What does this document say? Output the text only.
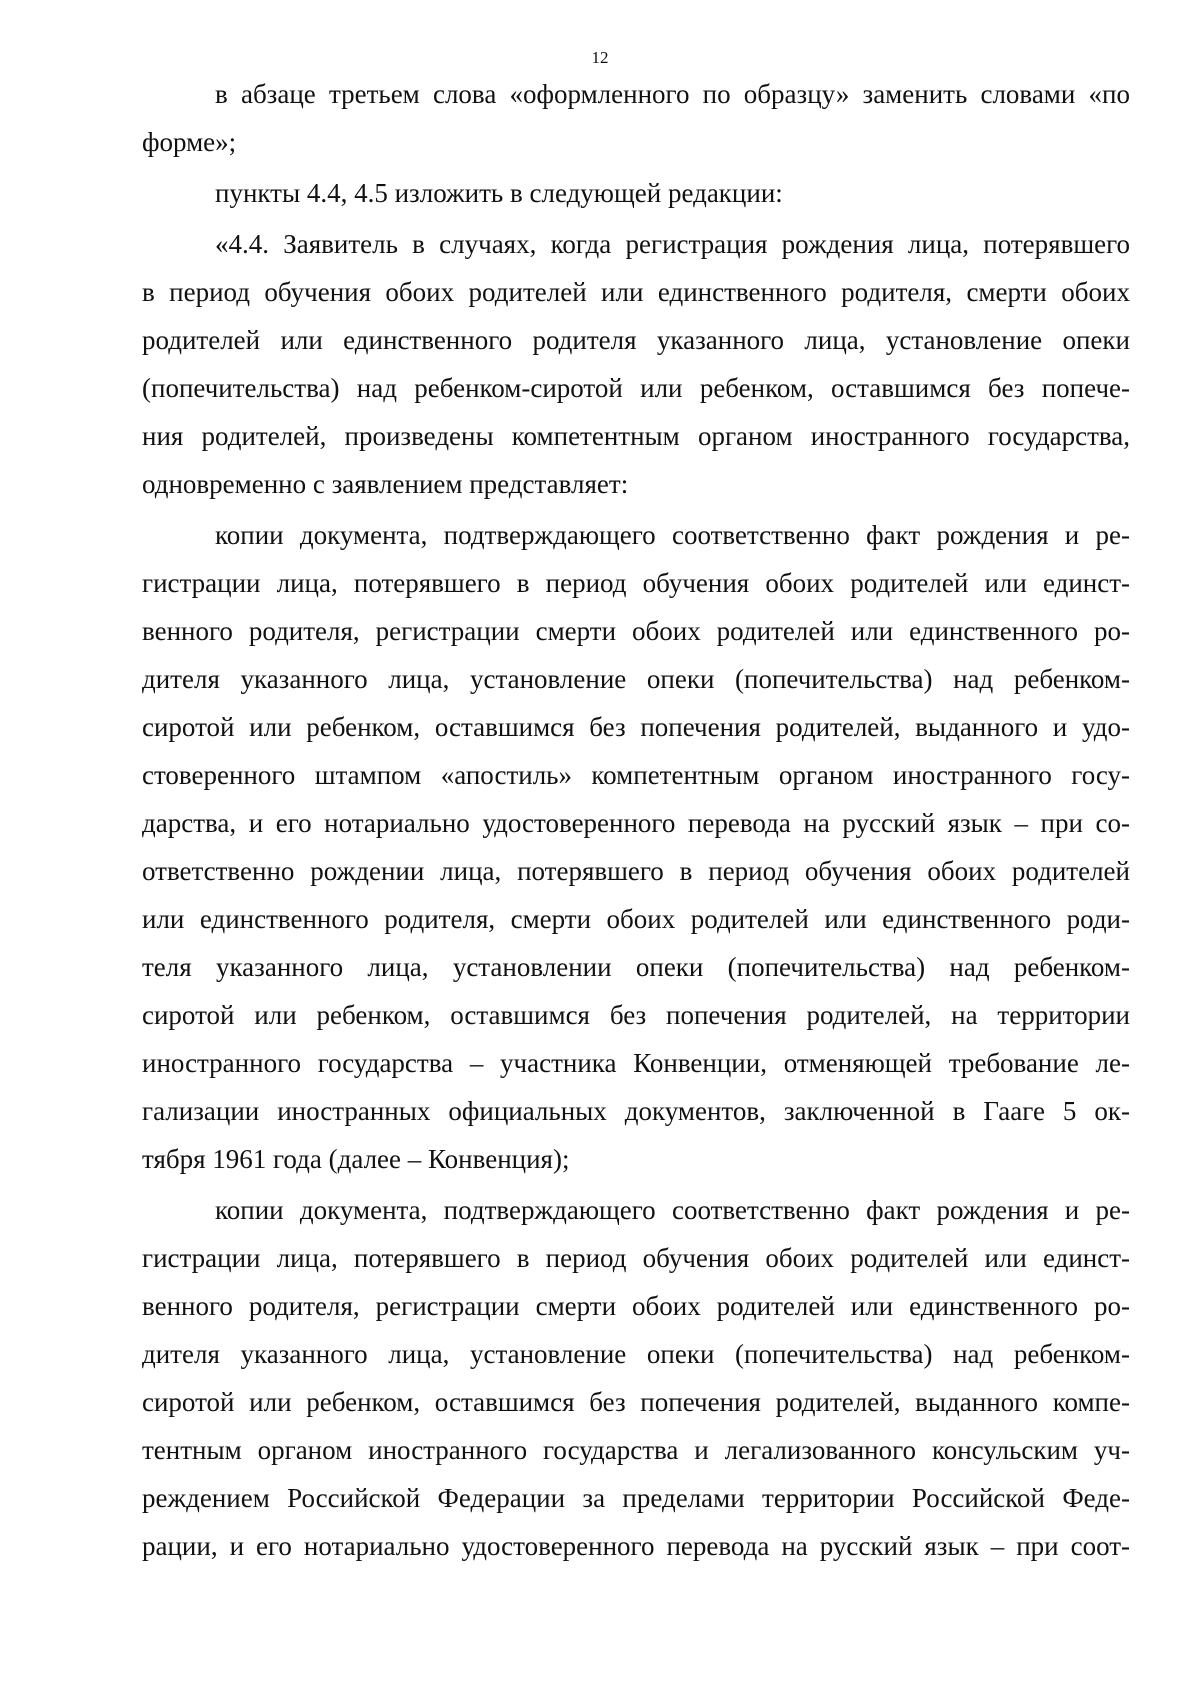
12
в абзаце третьем слова «оформленного по образцу» заменить словами «по
форме»;
пункты 4.4, 4.5 изложить в следующей редакции:
«4.4. Заявитель в случаях, когда регистрация рождения лица, потерявшего
в период обучения обоих родителей или единственного родителя, смерти обоих
родителей или единственного родителя указанного лица, установление опеки
(попечительства) над ребенком-сиротой или ребенком, оставшимся без попече-
ния родителей, произведены компетентным органом иностранного государства,
одновременно с заявлением представляет:
копии документа, подтверждающего соответственно факт рождения и ре-
гистрации лица, потерявшего в период обучения обоих родителей или единст-
венного родителя, регистрации смерти обоих родителей или единственного ро-
дителя указанного лица, установление опеки (попечительства) над ребенком-
сиротой или ребенком, оставшимся без попечения родителей, выданного и удо-
стоверенного штампом «апостиль» компетентным органом иностранного госу-
дарства, и его нотариально удостоверенного перевода на русский язык – при со-
ответственно рождении лица, потерявшего в период обучения обоих родителей
или единственного родителя, смерти обоих родителей или единственного роди-
теля указанного лица, установлении опеки (попечительства) над ребенком-
сиротой или ребенком, оставшимся без попечения родителей, на территории
иностранного государства – участника Конвенции, отменяющей требование ле-
гализации иностранных официальных документов, заключенной в Гааге 5 ок-
тября 1961 года (далее – Конвенция);
копии документа, подтверждающего соответственно факт рождения и ре-
гистрации лица, потерявшего в период обучения обоих родителей или единст-
венного родителя, регистрации смерти обоих родителей или единственного ро-
дителя указанного лица, установление опеки (попечительства) над ребенком-
сиротой или ребенком, оставшимся без попечения родителей, выданного компе-
тентным органом иностранного государства и легализованного консульским уч-
реждением Российской Федерации за пределами территории Российской Феде-
рации, и его нотариально удостоверенного перевода на русский язык – при соот-
